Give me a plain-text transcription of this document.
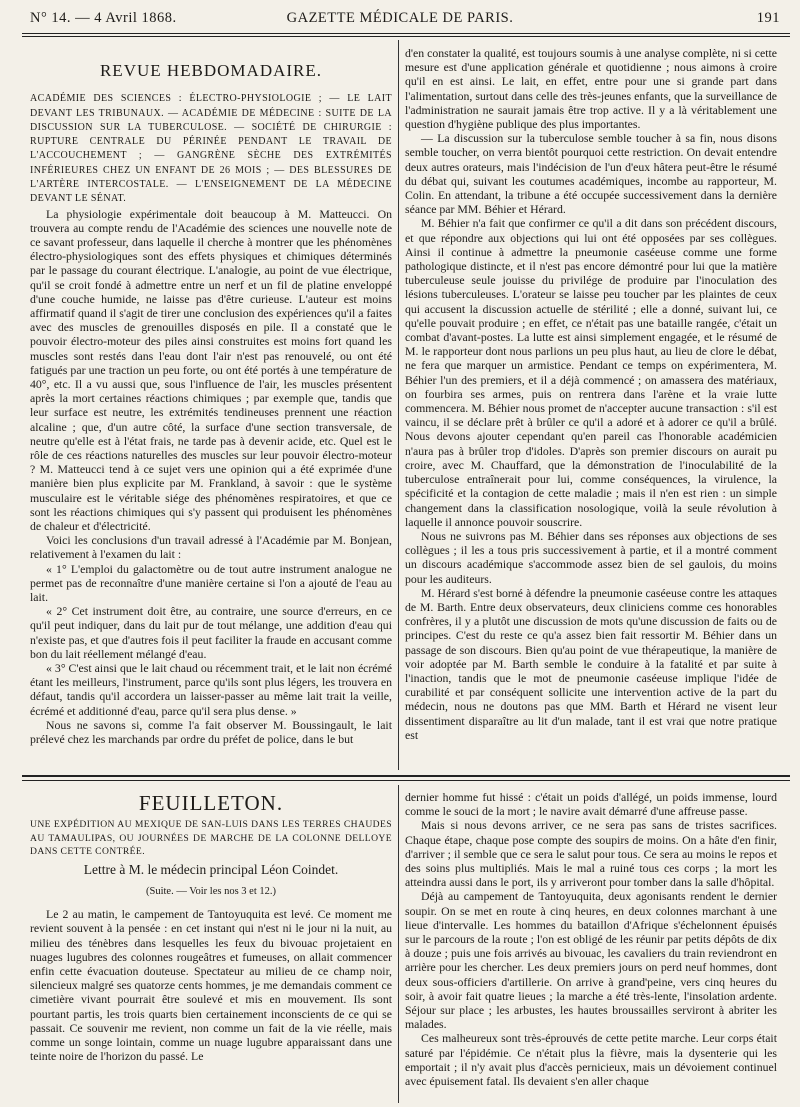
N° 14. — 4 Avril 1868.	GAZETTE MÉDICALE DE PARIS.	191
REVUE HEBDOMADAIRE.

ACADÉMIE DES SCIENCES : ÉLECTRO-PHYSIOLOGIE ; — LE LAIT DEVANT LES TRIBUNAUX. — ACADÉMIE DE MÉDECINE : SUITE DE LA DISCUSSION SUR LA TUBERCULOSE. — SOCIÉTÉ DE CHIRURGIE : RUPTURE CENTRALE DU PÉRINÉE PENDANT LE TRAVAIL DE L'ACCOUCHEMENT ; — GANGRÈNE SÈCHE DES EXTRÉMITÉS INFÉRIEURES CHEZ UN ENFANT DE 26 MOIS ; — DES BLESSURES DE L'ARTÈRE INTERCOSTALE. — L'ENSEIGNEMENT DE LA MÉDECINE DEVANT LE SÉNAT.

La physiologie expérimentale doit beaucoup à M. Matteucci. On trouvera au compte rendu de l'Académie des sciences une nouvelle note de ce savant professeur, dans laquelle il cherche à montrer que les phénomènes électro-physiologiques sont des effets physiques et chimiques déterminés par le passage du courant électrique. L'analogie, au point de vue électrique, qu'il se croit fondé à admettre entre un nerf et un fil de platine enveloppé d'une couche humide, ne laisse pas d'être curieuse. L'auteur est moins affirmatif quand il s'agit de tirer une conclusion des expériences qu'il a faites avec des muscles de grenouilles disposés en pile. Il a constaté que le pouvoir électro-moteur des piles ainsi construites est moins fort quand les muscles sont restés dans l'eau dont l'air n'est pas renouvelé, ou ont été fatigués par une traction un peu forte, ou ont été portés à une température de 40°, etc. Il a vu aussi que, sous l'influence de l'air, les muscles présentent après la mort certaines réactions chimiques ; par exemple que, tandis que leur surface est neutre, les extrémités tendineuses prennent une réaction alcaline ; que, d'un autre côté, la surface d'une section transversale, de neutre qu'elle est à l'état frais, ne tarde pas à devenir acide, etc. Quel est le rôle de ces réactions naturelles des muscles sur leur pouvoir électro-moteur ? M. Matteucci tend à ce sujet vers une opinion qui a été exprimée d'une manière bien plus explicite par M. Frankland, à savoir : que le système musculaire est le véritable siége des phénomènes respiratoires, et que ce sont les réactions chimiques qui s'y passent qui produisent les phénomènes de chaleur et d'électricité.

Voici les conclusions d'un travail adressé à l'Académie par M. Bonjean, relativement à l'examen du lait :

« 1° L'emploi du galactomètre ou de tout autre instrument analogue ne permet pas de reconnaître d'une manière certaine si l'on a ajouté de l'eau au lait.

« 2° Cet instrument doit être, au contraire, une source d'erreurs, en ce qu'il peut indiquer, dans du lait pur de tout mélange, une addition d'eau qui n'existe pas, et que d'autres fois il peut faciliter la fraude en accusant comme bon du lait réellement mélangé d'eau.

« 3° C'est ainsi que le lait chaud ou récemment trait, et le lait non écrémé étant les meilleurs, l'instrument, parce qu'ils sont plus légers, les trouvera en défaut, tandis qu'il accordera un laisser-passer au même lait trait la veille, écrémé et additionné d'eau, parce qu'il sera plus dense. »

Nous ne savons si, comme l'a fait observer M. Boussingault, le lait prélevé chez les marchands par ordre du préfet de police, dans le but

d'en constater la qualité, est toujours soumis à une analyse complète, ni si cette mesure est d'une application générale et quotidienne ; nous aimons à croire qu'il en est ainsi. Le lait, en effet, entre pour une si grande part dans l'alimentation, surtout dans celle des très-jeunes enfants, que la surveillance de l'administration ne saurait jamais être trop active. Il y a là véritablement une question d'hygiène publique des plus importantes.

— La discussion sur la tuberculose semble toucher à sa fin, nous disons semble toucher, on verra bientôt pourquoi cette restriction. On devait entendre deux autres orateurs, mais l'indécision de l'un d'eux hâtera peut-être le résumé du débat qui, suivant les coutumes académiques, incombe au rapporteur, M. Colin. En attendant, la tribune a été occupée successivement dans la dernière séance par MM. Béhier et Hérard.

M. Béhier n'a fait que confirmer ce qu'il a dit dans son précédent discours, et que répondre aux objections qui lui ont été opposées par ses collègues. Ainsi il continue à admettre la pneumonie caséeuse comme une forme pathologique distincte, et il n'est pas encore démontré pour lui que la matière tuberculeuse seule jouisse du privilége de produire par l'inoculation des lésions tuberculeuses. L'orateur se laisse peu toucher par les plaintes de ceux qui accusent la discussion actuelle de stérilité ; elle a donné, suivant lui, ce qu'elle pouvait produire ; en effet, ce n'était pas une bataille rangée, c'était un combat d'avant-postes. La lutte est ainsi simplement engagée, et le résumé de M. le rapporteur dont nous parlions un peu plus haut, au lieu de clore le débat, ne fera que marquer un armistice. Pendant ce temps on expérimentera, M. Béhier l'un des premiers, et il a déjà commencé ; on amassera des matériaux, on fourbira ses armes, puis on rentrera dans l'arène et la vraie lutte commencera. M. Béhier nous promet de n'accepter aucune transaction : s'il est vaincu, il se déclare prêt à brûler ce qu'il a adoré et à adorer ce qu'il a brûlé. Nous devons ajouter cependant qu'en pareil cas l'honorable académicien n'aura pas à brûler trop d'idoles. D'après son premier discours on aurait pu croire, avec M. Chauffard, que la démonstration de l'inoculabilité de la tuberculose entraînerait pour lui, comme conséquences, la virulence, la spécificité et la contagion de cette maladie ; mais il n'en est rien : un simple changement dans la classification nosologique, voilà la seule révolution à laquelle il annonce pouvoir souscrire.

Nous ne suivrons pas M. Béhier dans ses réponses aux objections de ses collègues ; il les a tous pris successivement à partie, et il a montré comment un discours académique s'accommode assez bien de sel gaulois, du moins pour les auditeurs.

M. Hérard s'est borné à défendre la pneumonie caséeuse contre les attaques de M. Barth. Entre deux observateurs, deux cliniciens comme ces honorables confrères, il y a plutôt une discussion de mots qu'une discussion de faits ou de principes. C'est du reste ce qu'a assez bien fait ressortir M. Béhier dans un passage de son discours. Bien qu'au point de vue thérapeutique, la manière de voir adoptée par M. Barth semble le conduire à la fatalité et par suite à l'inaction, tandis que le mot de pneumonie caséeuse implique l'idée de curabilité et par conséquent sollicite une intervention active de la part du médecin, nous ne doutons pas que MM. Barth et Hérard ne visent leur dissentiment disparaître au lit d'un malade, tant il est vrai que notre pratique est

FEUILLETON.

UNE EXPÉDITION AU MEXIQUE DE SAN-LUIS DANS LES TERRES CHAUDES AU TAMAULIPAS, OU JOURNÉES DE MARCHE DE LA COLONNE DELLOYE DANS CETTE CONTRÉE.

Lettre à M. le médecin principal Léon Coindet.
(Suite. — Voir les nos 3 et 12.)

Le 2 au matin, le campement de Tantoyuquita est levé. Ce moment me revient souvent à la pensée : en cet instant qui n'est ni le jour ni la nuit, au milieu des ténèbres dans lesquelles les feux du bivouac projetaient en nuages lugubres des colonnes rougeâtres et fumeuses, on allait commencer enfin cette évacuation douteuse. Spectateur au milieu de ce champ noir, silencieux malgré ses quatorze cents hommes, je me demandais comment ce cimetière vivant pourrait être soulevé et mis en mouvement. Ils sont pourtant partis, les trois quarts bien certainement inconscients de ce qui se passait. Ce souvenir me revient, non comme un fait de la vie réelle, mais comme un songe lointain, comme un nuage lugubre apparaissant dans une teinte noire de l'horizon du passé. Le

dernier homme fut hissé : c'était un poids d'allégé, un poids immense, lourd comme le souci de la mort ; le navire avait démarré d'une affreuse passe.

Mais si nous devons arriver, ce ne sera pas sans de tristes sacrifices. Chaque étape, chaque pose compte des soupirs de moins. On a hâte d'en finir, d'arriver ; il semble que ce sera le salut pour tous. Ce sera au moins le repos et des soins plus multipliés. Mais le mal a ruiné tous ces corps ; la mort les atteindra aussi dans le port, ils y arriveront pour tomber dans la salle d'hôpital.

Déjà au campement de Tantoyuquita, deux agonisants rendent le dernier soupir. On se met en route à cinq heures, en deux colonnes marchant à une lieue d'intervalle. Les hommes du bataillon d'Afrique s'échelonnent épuisés sur le parcours de la route ; l'on est obligé de les réunir par petits dépôts de dix à douze ; puis une fois arrivés au bivouac, les cavaliers du train reviendront en arrière pour les chercher. Les deux premiers jours on perd neuf hommes, dont deux sous-officiers d'artillerie. On arrive à grand'peine, vers cinq heures du soir, à avoir fait quatre lieues ; la marche a été très-lente, l'insolation ardente. Séjour sur place ; les arbustes, les hautes broussailles serviront à abriter les malades.

Ces malheureux sont très-éprouvés de cette petite marche. Leur corps était saturé par l'épidémie. Ce n'était plus la fièvre, mais la dysenterie qui les emportait ; il n'y avait plus d'accès pernicieux, mais un dévoiement continuel avec épuisement fatal. Ils devaient s'en aller chaque
